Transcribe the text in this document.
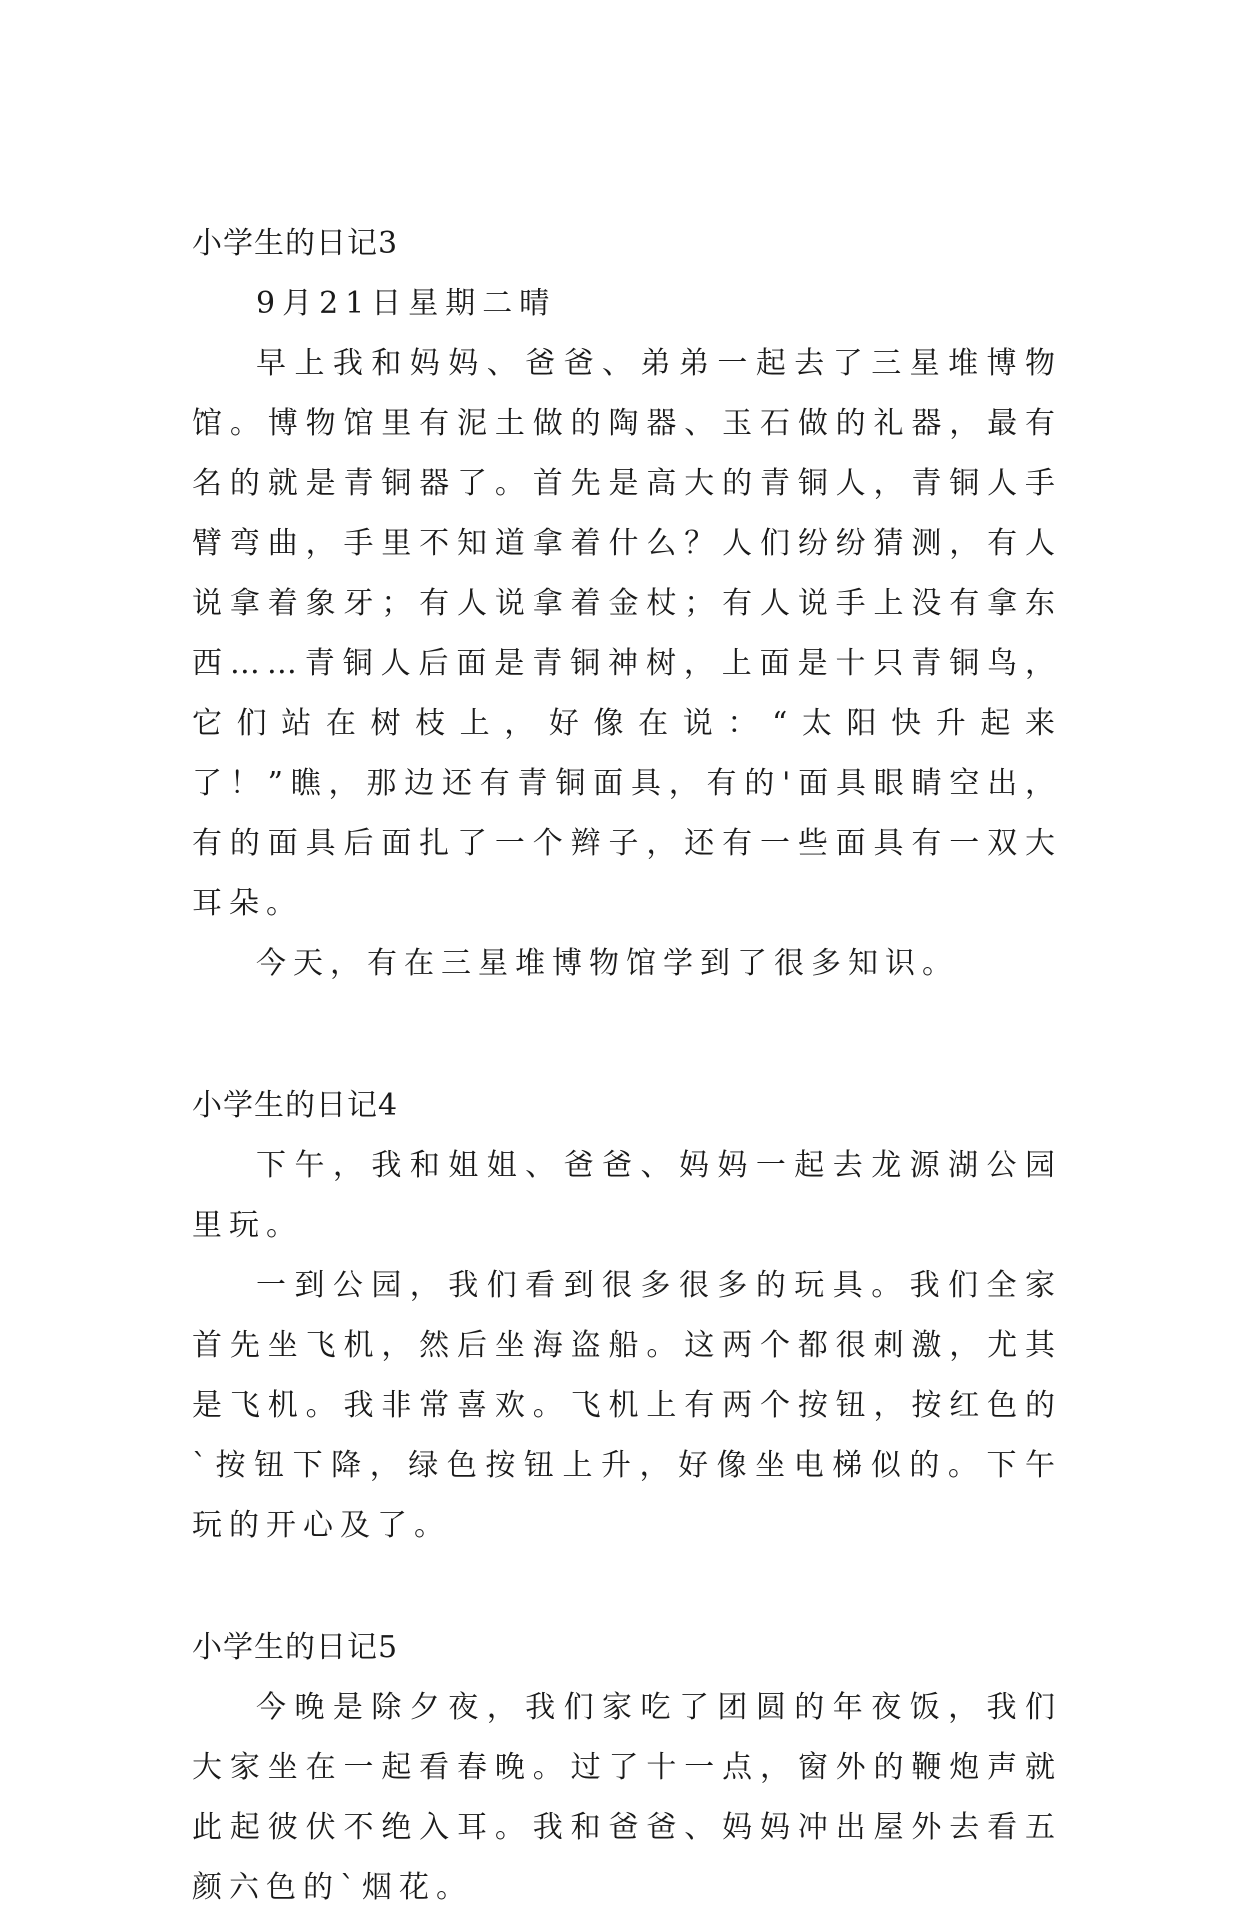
小学生的日记3

9月21日星期二晴

早上我和妈妈、爸爸、弟弟一起去了三星堆博物馆。博物馆里有泥土做的陶器、玉石做的礼器，最有名的就是青铜器了。首先是高大的青铜人，青铜人手臂弯曲，手里不知道拿着什么？人们纷纷猜测，有人说拿着象牙；有人说拿着金杖；有人说手上没有拿东西……青铜人后面是青铜神树，上面是十只青铜鸟，它们站在树枝上，好像在说：“太阳快升起来了！”瞧，那边还有青铜面具，有的'面具眼睛空出，有的面具后面扎了一个辫子，还有一些面具有一双大耳朵。

今天，有在三星堆博物馆学到了很多知识。

小学生的日记4

下午，我和姐姐、爸爸、妈妈一起去龙源湖公园里玩。

一到公园，我们看到很多很多的玩具。我们全家首先坐飞机，然后坐海盗船。这两个都很刺激，尤其是飞机。我非常喜欢。飞机上有两个按钮，按红色的`按钮下降，绿色按钮上升，好像坐电梯似的。下午玩的开心及了。

小学生的日记5

今晚是除夕夜，我们家吃了团圆的年夜饭，我们大家坐在一起看春晚。过了十一点，窗外的鞭炮声就此起彼伏不绝入耳。我和爸爸、妈妈冲出屋外去看五颜六色的`烟花。
